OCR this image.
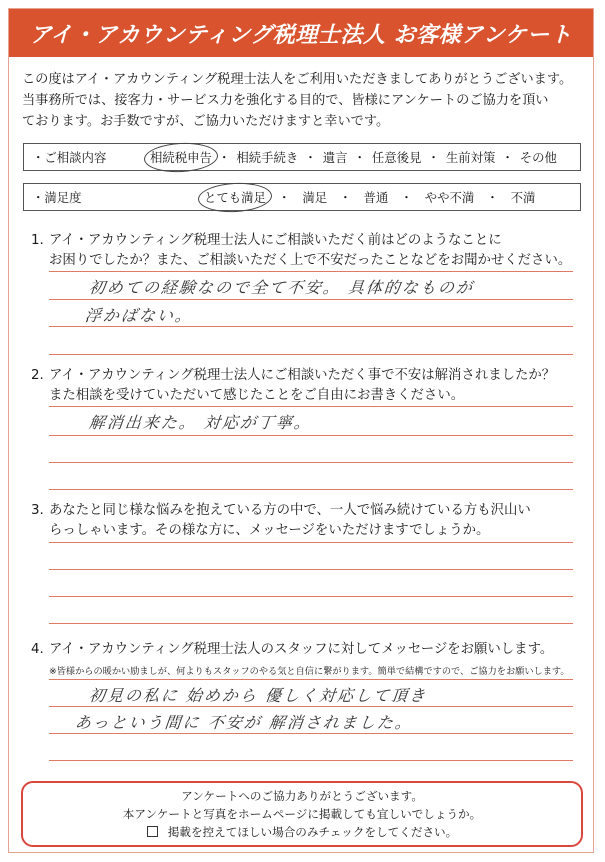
アイ・アカウンティング税理士法人 お客様アンケート
この度はアイ・アカウンティング税理士法人をご利用いただきましてありがとうございます。
当事務所では、接客力・サービス力を強化する目的で、皆様にアンケートのご協力を頂い
ております。お手数ですが、ご協力いただけますと幸いです。
・ご相談内容	相続税申告 ・ 相続手続き ・ 遺言 ・ 任意後見 ・ 生前対策 ・ その他
・満足度	とても満足 ・ 満足 ・ 普通 ・ やや不満 ・ 不満
1. アイ・アカウンティング税理士法人にご相談いただく前はどのようなことに
お困りでしたか？また、ご相談いただく上で不安だったことなどをお聞かせください。
初めての経験なので全て不安。 具体的なものが
浮かばない。
2. アイ・アカウンティング税理士法人にご相談いただく事で不安は解消されましたか？
また相談を受けていただいて感じたことをご自由にお書きください。
解消出来た。 対応が丁寧。
3. あなたと同じ様な悩みを抱えている方の中で、一人で悩み続けている方も沢山い
らっしゃいます。その様な方に、メッセージをいただけますでしょうか。
4. アイ・アカウンティング税理士法人のスタッフに対してメッセージをお願いします。
※皆様からの暖かい励ましが、何よりもスタッフのやる気と自信に繋がります。簡単で結構ですので、ご協力をお願いします。
初見の私に 始めから 優しく対応して頂き
あっという間に 不安が 解消されました。
アンケートへのご協力ありがとうございます。
本アンケートと写真をホームページに掲載しても宜しいでしょうか。
掲載を控えてほしい場合のみチェックをしてください。
